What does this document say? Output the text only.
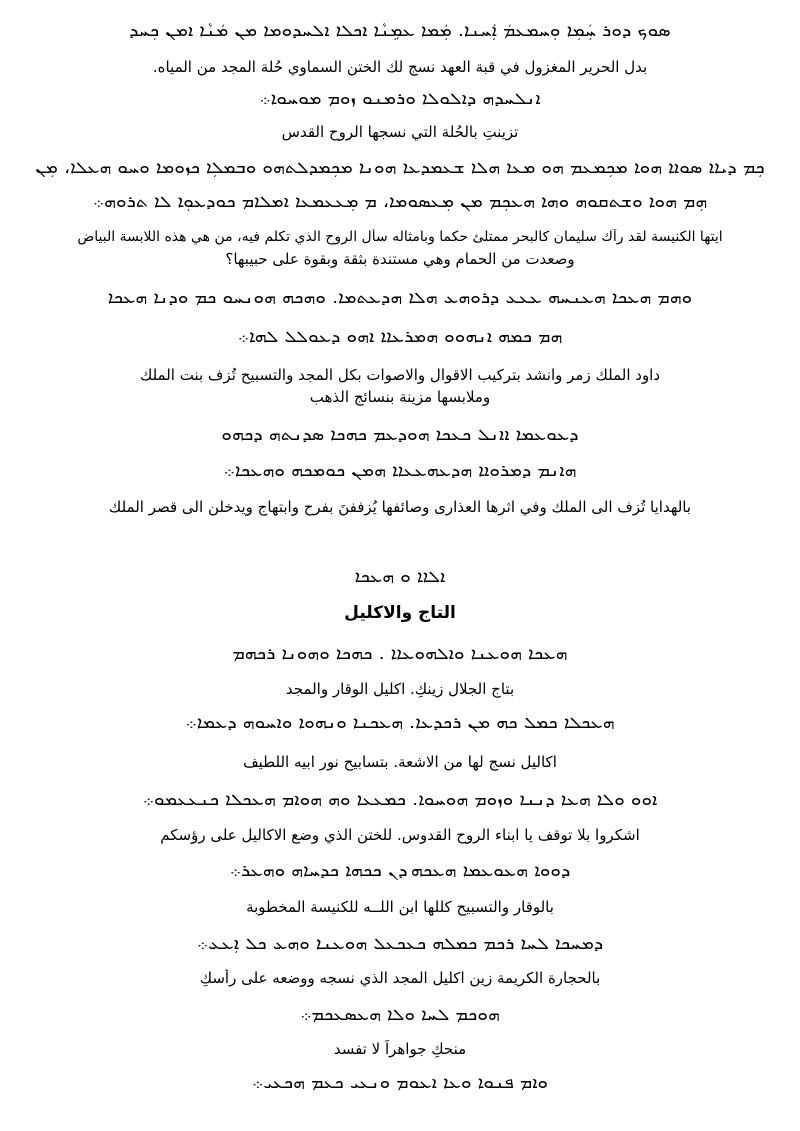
ܣܘܟ ܕܘܪ ܚܲܡܼܐ ܘܼܚܡܥܡܿ ܐܲܚܢܐ. ܡܲܡܐ ܥܡܹܢܵܐ ܐܟܠܐ ܐܠܚܕܘܡܐ ܡܢ ܡܿܢܵܐ ܐܡܢ ܟܼܚܕ
بدل الحرير المغزول في قبة العهد نسج لك الختن السماوي حُلة المجد من المياه.
ܐܢܠܚܕܗ ܕܐܠܘܠܐ ܘܪܡܢܘ ܙܘܡ ܡܘܚܘܐ܀
تزينتِ بالحُلة التي نسجها الروح القدس
ܟܼܡ ܕܝܐܐ ܣܘܐܐ ܗܘܐ ܡܟܼܡܥܡ ܗܘ ܡܥܐ ܗܠܐ ܫܥܡܕܥܐ ܗܘܢܐ ܡܟܼܡܕܠܬܗܘ ܘܒܡܠܼܐ ܟܙܘܡܐ ܘܚܘ ܗܥܠܐ، ܡܼܢ
ܗܼܡ ܗܘܐ ܘܫܬܩܘܗ ܘܗܐ ܗܥܟܼܡ ܡܢ ܡܼܥܣܘܡܐ، ܡ ܡܼܥܥܡܥܐ ܐܡܠܐܡ ܟܘܕܥܘܼܐ ܠܐ ܬܪܘܗ܀
ايتها الكنيسة لقد رآك سليمان كالبحر ممتلئ حكما وبامثاله سأل الروح الذي تكلم فيه، من هي هذه اللابسة البياض
وصعدت من الحمام وهي مستندة بثقة وبقوة على حبيبها؟
ܘܗܡ ܗܥܟܐ ܗܥܢܚܗ ܥܥܥ ܕܪܘܗܥ ܗܠܐ ܗܕܥܬܡܐ. ܘܗܟܗ ܗܘܢܚܘ ܟܡ ܘܕܢܐ ܗܥܟܐ
ܗܡ ܟܡܗ ܐܢܗܘܘ ܗܡܪܥܐܐ ܐܗܘ ܕܥܘܠܠ ܠܗܐ܀
داود الملك زمر وانشد بتركيب الاقوال والاصوات بكل المجد والتسبيح تُزف بنت الملك
وملابسها مزينة بنسائج الذهب
ܕܥܘܥܡܐ ܐܐܢܠ ܟܥܟܐ ܗܘܕܥܡ ܟܗܟܐ ܣܕܢܬܗ ܕܟܗܘ
ܗܐܢܡ ܕܡܪܘܐܐ ܗܕܥܗܥܥܐܐ ܗܡܢ ܟܘܡܟܗ ܘܗܥܟܐ܀
بالهدايا تُزف الى الملك وفي اثرها العذارى وصائفها يُزففنَ بفرح وابتهاج ويدخلن الى قصر الملك
ܐܠܐܐ ܘ ܗܥܟܐ
التاج والاكليل
ܗܥܟܐ ܗܘܥܢܐ ܘܐܠܗܘܥܐܐ . ܟܗܟܐ ܘܗܘܢܐ ܪܟܗܡ
بتاج الجلال زينكِ. اكليل الوقار والمجد
ܗܥܟܠܐ ܟܡܠ ܟܗ ܡܢ ܪܟܕܥܐ. ܗܥܟܢܐ ܘܢܗܘܐ ܘܐܚܘܗ ܕܥܡܐ܀
اكاليل نسج لها من الاشعة. بتسابيح نور ابيه اللطيف
ܐܘܘ ܘܠܐ ܗܥܐ ܕܢܢܐ ܘܙܘܡ ܗܘܚܘܐ. ܟܡܥܥܐ ܘܗ ܗܘܐܡ ܗܥܟܠܐ ܟܢܥܥܡܘ܀
اشكروا بلا توقف يا ابناء الروح القدوس. للختن الذي وضع الاكاليل على رؤسكم
ܕܘܘܐ ܗܥܘܥܡܐ ܗܥܟܗ ܕܢ ܟܟܗܐ ܟܕܚܐܗ ܘܗܥܪ܀
بالوقار والتسبيح كللها ابن اللــه للكنيسة المخطوبة
ܕܡܚܟܐ ܠܚܐ ܪܟܡ ܟܡܠܗ ܟܥܟܥܠ ܗܘܥܢܐ ܘܗܥ ܟܠ ܐܼܥܥ܀
بالحجارة الكريمة زين اكليل المجد الذي نسجه ووضعه على رأسكِ
ܗܘܟܡ ܠܚܐ ܘܠܐ ܗܥܣܥܟܡ܀
منحكِ جواهراً لا تفسد
ܘܐܡ ܦܢܘܐ ܘܥܐ ܐܥܘܡ ܘܢܥܝ ܟܥܡ ܗܟܥܝ܀
